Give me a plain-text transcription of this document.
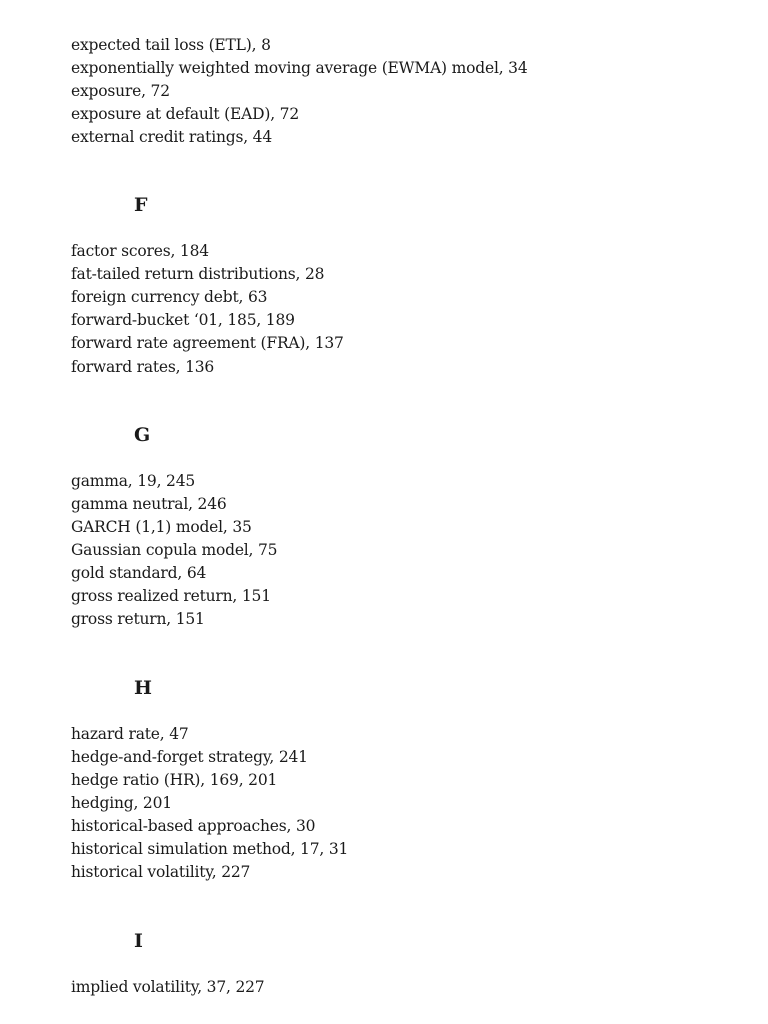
expected tail loss (ETL), 8
exponentially weighted moving average (EWMA) model, 34
exposure, 72
exposure at default (EAD), 72
external credit ratings, 44
F
factor scores, 184
fat-tailed return distributions, 28
foreign currency debt, 63
forward-bucket ‘01, 185, 189
forward rate agreement (FRA), 137
forward rates, 136
G
gamma, 19, 245
gamma neutral, 246
GARCH (1,1) model, 35
Gaussian copula model, 75
gold standard, 64
gross realized return, 151
gross return, 151
H
hazard rate, 47
hedge-and-forget strategy, 241
hedge ratio (HR), 169, 201
hedging, 201
historical-based approaches, 30
historical simulation method, 17, 31
historical volatility, 227
I
implied volatility, 37, 227
